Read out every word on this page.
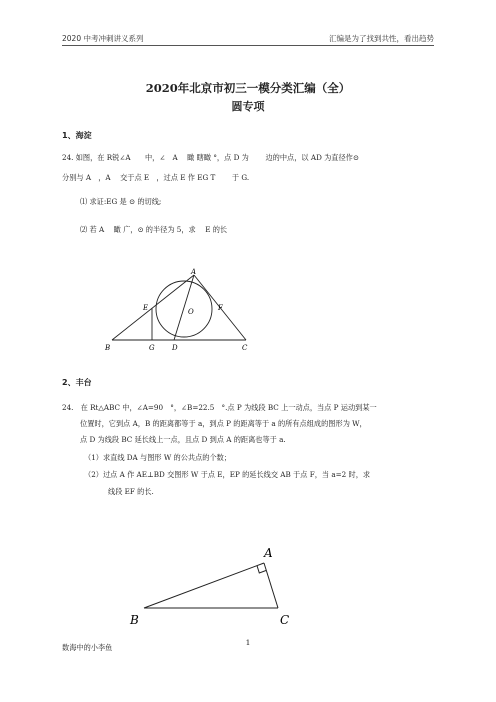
2020 中考冲刺讲义系列	汇编是为了找到共性，看出趋势
2020年北京市初三一模分类汇编（全）
圆专项
1、海淀
24. 如图，在 R锐∠A　　中，∠　A　 瞰 瞎瞰 °，点 D 为　　 边的中点，以 AD 为直径作⊙
分别与 A　，A　 交于点 E　，过点 E 作 EG T　　 于 G.
⑴ 求证:EG 是 ⊙ 的切线;
⑵ 若 A　 瞰 广，⊙ 的半径为 5，求　 E 的长
A
E	F
O
B	G D	C
2、丰台
24.　在 Rt△ABC 中，∠A=90　°，∠B=22.5　°.点 P 为线段 BC 上一动点，当点 P 运动到某一
位置时，它到点 A，B 的距离都等于 a，到点 P 的距离等于 a 的所有点组成的图形为 W，
点 D 为线段 BC 延长线上一点，且点 D 到点 A 的距离也等于 a.
（1）求直线 DA 与图形 W 的公共点的个数；
（2）过点 A 作 AE⊥BD 交图形 W 于点 E，EP 的延长线交 AB 于点 F，当 a=2 时，求
线段 EF 的长.
A
B	C
1
数海中的小李鱼
